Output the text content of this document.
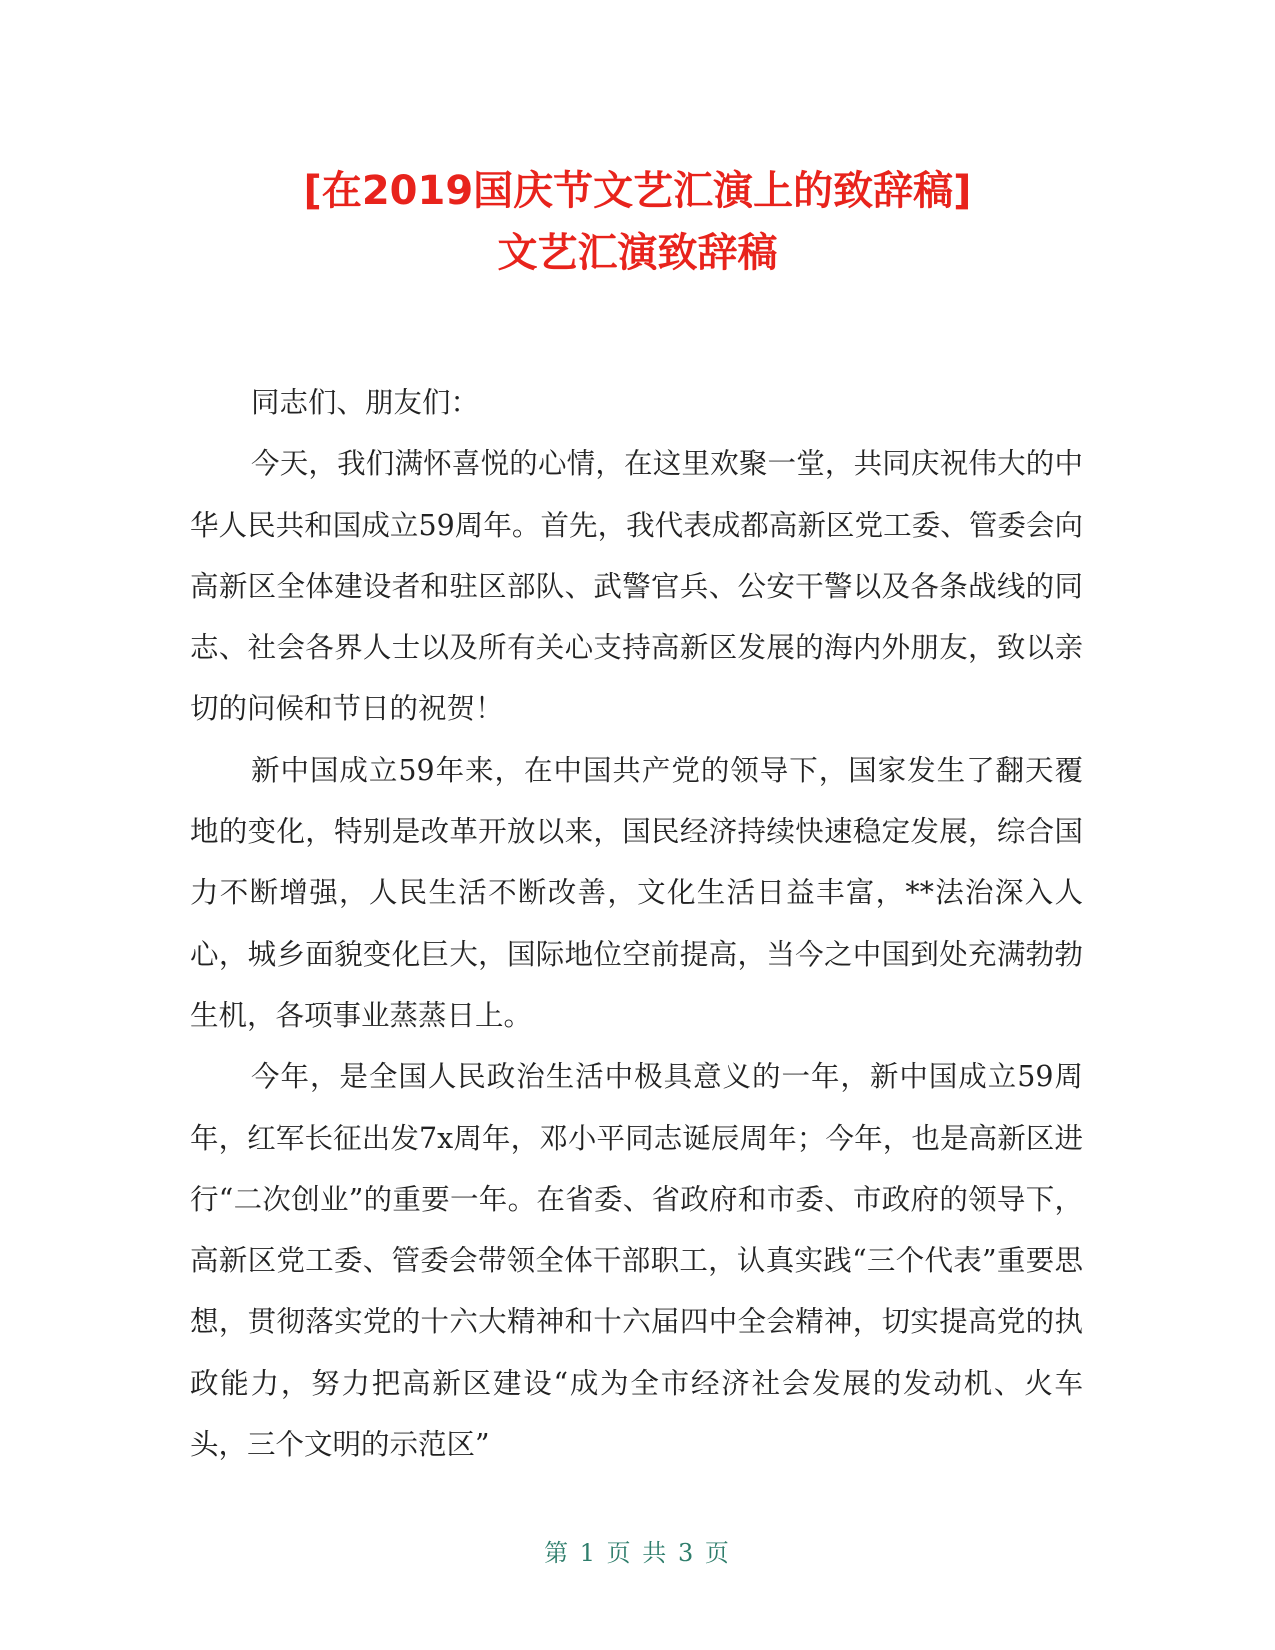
[在2019国庆节文艺汇演上的致辞稿]
文艺汇演致辞稿

同志们、朋友们：

今天，我们满怀喜悦的心情，在这里欢聚一堂，共同庆祝伟大的中华人民共和国成立59周年。首先，我代表成都高新区党工委、管委会向高新区全体建设者和驻区部队、武警官兵、公安干警以及各条战线的同志、社会各界人士以及所有关心支持高新区发展的海内外朋友，致以亲切的问候和节日的祝贺！

新中国成立59年来，在中国共产党的领导下，国家发生了翻天覆地的变化，特别是改革开放以来，国民经济持续快速稳定发展，综合国力不断增强，人民生活不断改善，文化生活日益丰富，**法治深入人心，城乡面貌变化巨大，国际地位空前提高，当今之中国到处充满勃勃生机，各项事业蒸蒸日上。

今年，是全国人民政治生活中极具意义的一年，新中国成立59周年，红军长征出发7x周年，邓小平同志诞辰周年；今年，也是高新区进行“二次创业”的重要一年。在省委、省政府和市委、市政府的领导下，高新区党工委、管委会带领全体干部职工，认真实践“三个代表”重要思想，贯彻落实党的十六大精神和十六届四中全会精神，切实提高党的执政能力，努力把高新区建设“成为全市经济社会发展的发动机、火车头，三个文明的示范区”

第 1 页 共 3 页
